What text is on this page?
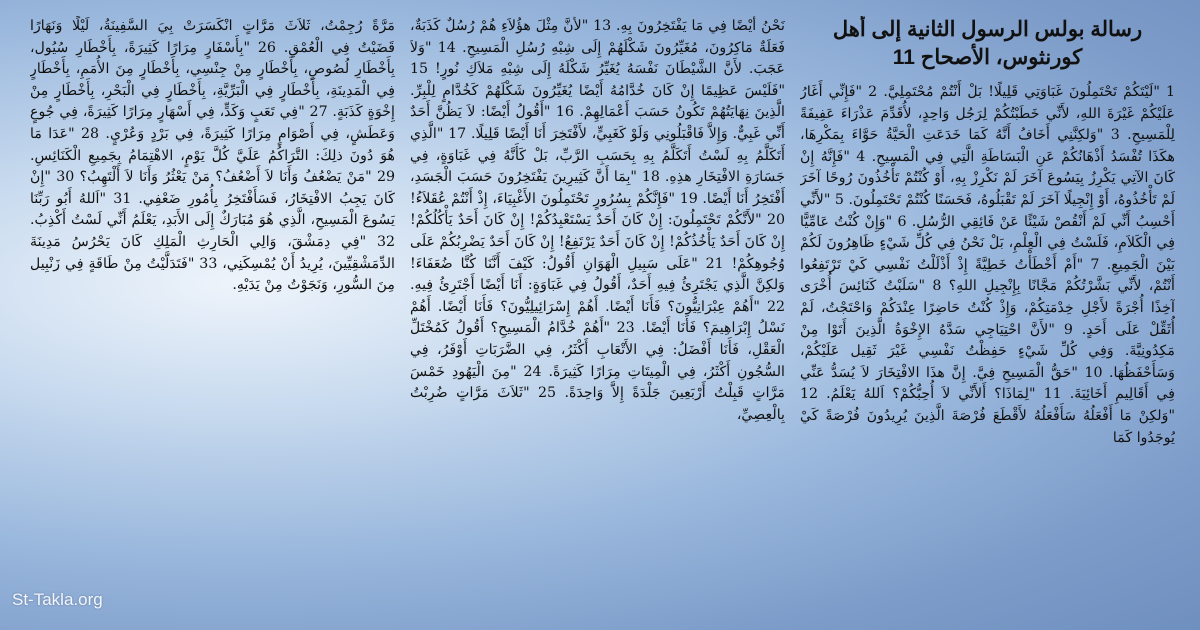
رسالة بولس الرسول الثانية إلى أهل كورنثوس، الأصحاح 11

1 "لَيْتَكُمْ تَحْتَمِلُونَ غَبَاوَتِي قَلِيلًا! بَلْ أَنْتُمْ مُحْتَمِلِيَّ. 2 "فَإِنِّي أَغَارُ عَلَيْكُمْ غَيْرَةَ اللهِ، لأَنِّي خَطَبْتُكُمْ لِرَجُل وَاحِدٍ، لأُقَدِّمَ عَذْرَاءَ عَفِيفَةً لِلْمَسِيحِ. 3 "وَلكِنَّنِي أَخَافُ أَنَّهُ كَمَا خَدَعَتِ الْحَيَّةُ حَوَّاءَ بِمَكْرِهَا، هكَذَا تُفْسَدُ أَذْهَانُكُمْ عَنِ الْبَسَاطَةِ الَّتِي فِي الْمَسِيحِ. 4 "فَإِنَّهُ إِنْ كَانَ الآتِي يَكْرِزُ بِيَسُوعَ آخَرَ لَمْ نَكْرِزْ بِهِ، أَوْ كُنْتُمْ تَأْخُذُونَ رُوحًا آخَرَ لَمْ تَأْخُذُوهُ، أَوْ إِنْجِيلًا آخَرَ لَمْ تَقْبَلُوهُ، فَحَسَنًا كُنْتُمْ تَحْتَمِلُونَ. 5 "لأَنِّي أَحْسِبُ أَنِّي لَمْ أَنْقُصْ شَيْئًا عَنْ فَائِقِي الرُّسُلِ. 6 "وَإِنْ كُنْتُ عَامِّيًّا فِي الْكَلاَمِ، فَلَسْتُ فِي الْعِلْمِ، بَلْ نَحْنُ فِي كُلِّ شَيْءٍ ظَاهِرُونَ لَكُمْ بَيْنَ الْجَمِيعِ. 7 "أَمْ أَخْطَأْتُ خَطِيَّةً إِذْ أَذْلَلْتُ نَفْسِي كَيْ تَرْتَفِعُوا أَنْتُمْ، لأَنِّي بَشَّرْتُكُمْ مَجَّانًا بِإِنْجِيلِ اللهِ؟ 8 "سَلَبْتُ كَنَائِسَ أُخْرَى آخِذًا أُجْرَةً لأَجْلِ خِدْمَتِكُمْ، وَإِذْ كُنْتُ حَاضِرًا عِنْدَكُمْ وَاحْتَجْتُ، لَمْ أُثَقِّلْ عَلَى أَحَدٍ. 9 "لأَنَّ احْتِيَاجِي سَدَّهُ الإِخْوَةُ الَّذِينَ أَتَوْا مِنْ مَكِدُونِيَّةَ. وَفِي كُلِّ شَيْءٍ حَفِظْتُ نَفْسِي غَيْرَ ثَقِيل عَلَيْكُمْ، وَسَأَحْفَظُهَا. 10 "حَقُّ الْمَسِيحِ فِيَّ. إِنَّ هذَا الافْتِخَارَ لاَ يُسَدُّ عَنِّي فِي أَقَالِيمِ أَخَائِيَةَ. 11 "لِمَاذَا؟ أَلأَنِّي لاَ أُحِبُّكُمْ؟ اَللهُ يَعْلَمُ. 12 "وَلكِنْ مَا أَفْعَلُهُ سَأَفْعَلُهُ لأَقْطَعَ فُرْصَةَ الَّذِينَ يُرِيدُونَ فُرْصَةً كَيْ يُوجَدُوا كَمَا

نَحْنُ أَيْضًا فِي مَا يَفْتَخِرُونَ بِهِ. 13 "لأَنَّ مِثْلَ هؤُلاَءِ هُمْ رُسُلٌ كَذَبَةٌ، فَعَلَةٌ مَاكِرُونَ، مُغَيِّرُونَ شَكْلَهُمْ إِلَى شِبْهِ رُسُلِ الْمَسِيحِ. 14 "وَلاَ عَجَبَ. لأَنَّ الشَّيْطَانَ نَفْسَهُ يُغَيِّرُ شَكْلَهُ إِلَى شِبْهِ مَلاَكِ نُورٍ! 15 "فَلَيْسَ عَظِيمًا إِنْ كَانَ خُدَّامُهُ أَيْضًا يُغَيِّرُونَ شَكْلَهُمْ كَخُدَّامٍ لِلْبِرِّ. الَّذِينَ نِهَايَتُهُمْ تَكُونُ حَسَبَ أَعْمَالِهِمْ. 16 "أَقُولُ أَيْضًا: لاَ يَظُنَّ أَحَدٌ أَنِّي غَبِيٌّ. وَإِلاَّ فَاقْبَلُونِي وَلَوْ كَغَبِيٍّ، لأَفْتَخِرَ أَنَا أَيْضًا قَلِيلًا. 17 "الَّذِي أَتَكَلَّمُ بِهِ لَسْتُ أَتَكَلَّمُ بِهِ بِحَسَبِ الرَّبِّ، بَلْ كَأَنَّهُ فِي غَبَاوَةٍ، فِي جَسَارَةِ الافْتِخَارِ هذِهِ. 18 "بِمَا أَنَّ كَثِيرِينَ يَفْتَخِرُونَ حَسَبَ الْجَسَدِ، أَفْتَخِرُ أَنَا أَيْضًا. 19 "فَإِنَّكُمْ بِسُرُورٍ تَحْتَمِلُونَ الأَغْبِيَاءَ، إِذْ أَنْتُمْ عُقَلاَءُ! 20 "لأَنَّكُمْ تَحْتَمِلُونَ: إِنْ كَانَ أَحَدٌ يَسْتَعْبِدُكُمْ! إِنْ كَانَ أَحَدٌ يَأْكُلُكُمْ! إِنْ كَانَ أَحَدٌ يَأْخُذُكُمْ! إِنْ كَانَ أَحَدٌ يَرْتَفِعُ! إِنْ كَانَ أَحَدٌ يَضْرِبُكُمْ عَلَى وُجُوهِكُمْ! 21 "عَلَى سَبِيلِ الْهَوَانِ أَقُولُ: كَيْفَ أَنَّنَا كُنَّا ضُعَفَاءَ! وَلكِنَّ الَّذِي يَجْتَرِئُ فِيهِ أَحَدٌ، أَقُولُ فِي غَبَاوَةٍ: أَنَا أَيْضًا أَجْتَرِئُ فِيهِ. 22 "أَهُمْ عِبْرَانِيُّونَ؟ فَأَنَا أَيْضًا. أَهُمْ إِسْرَائِيلِيُّونَ؟ فَأَنَا أَيْضًا. أَهُمْ نَسْلُ إِبْرَاهِيمَ؟ فَأَنَا أَيْضًا. 23 "أَهُمْ خُدَّامُ الْمَسِيحِ؟ أَقُولُ كَمُخْتَلِّ الْعَقْلِ، فَأَنَا أَفْضَلُ: فِي الأَتْعَابِ أَكْثَرُ، فِي الضَّرَبَاتِ أَوْفَرُ، فِي السُّجُونِ أَكْثَرُ، فِي الْمِيتَاتِ مِرَارًا كَثِيرَةً. 24 "مِنَ الْيَهُودِ خَمْسَ مَرَّاتٍ قَبِلْتُ أَرْبَعِينَ جَلْدَةً إِلاَّ وَاحِدَةً. 25 "ثَلاَثَ مَرَّاتٍ ضُرِبْتُ بِالْعِصِيِّ،

مَرَّةً رُجِمْتُ، ثَلاَثَ مَرَّاتٍ انْكَسَرَتْ بِيَ السَّفِينَةُ، لَيْلًا وَنَهَارًا قَضَيْتُ فِي الْعُمْقِ. 26 "بِأَسْفَارٍ مِرَارًا كَثِيرَةً، بِأَخْطَارِ سُيُول، بِأَخْطَارِ لُصُوصٍ، بِأَخْطَارٍ مِنْ جِنْسِي، بِأَخْطَارٍ مِنَ الأُمَمِ، بِأَخْطَارٍ فِي الْمَدِينَةِ، بِأَخْطَارٍ فِي الْبَرِّيَّةِ، بِأَخْطَارٍ فِي الْبَحْرِ، بِأَخْطَارٍ مِنْ إِخْوَةٍ كَذَبَةٍ. 27 "فِي تَعَبٍ وَكَدٍّ، فِي أَسْهَارٍ مِرَارًا كَثِيرَةً، فِي جُوعٍ وَعَطَشٍ، فِي أَصْوَامٍ مِرَارًا كَثِيرَةً، فِي بَرْدٍ وَعُرْيٍ. 28 "عَدَا مَا هُوَ دُونَ ذلِكَ: التَّرَاكُمُ عَلَيَّ كُلَّ يَوْمٍ، الاهْتِمَامُ بِجَمِيعِ الْكَنَائِسِ. 29 "مَنْ يَضْعُفُ وَأَنَا لاَ أَضْعُفُ؟ مَنْ يَعْثُرُ وَأَنَا لاَ أَلْتَهِبُ؟ 30 "إِنْ كَانَ يَجِبُ الافْتِخَارُ، فَسَأَفْتَخِرُ بِأُمُورِ ضَعْفِي. 31 "اَللهُ أَبُو رَبِّنَا يَسُوعَ الْمَسِيحِ، الَّذِي هُوَ مُبَارَكٌ إِلَى الأَبَدِ، يَعْلَمُ أَنِّي لَسْتُ أَكْذِبُ. 32 "فِي دِمَشْقَ، وَالِي الْحَارِثِ الْمَلِكِ كَانَ يَحْرُسُ مَدِينَةَ الدِّمَشْقِيِّينَ، يُرِيدُ أَنْ يُمْسِكَنِي، 33 "فَتَدَلَّيْتُ مِنْ طَاقَةٍ فِي زَنْبِيل مِنَ السُّورِ، وَنَجَوْتُ مِنْ يَدَيْهِ.

St-Takla.org
